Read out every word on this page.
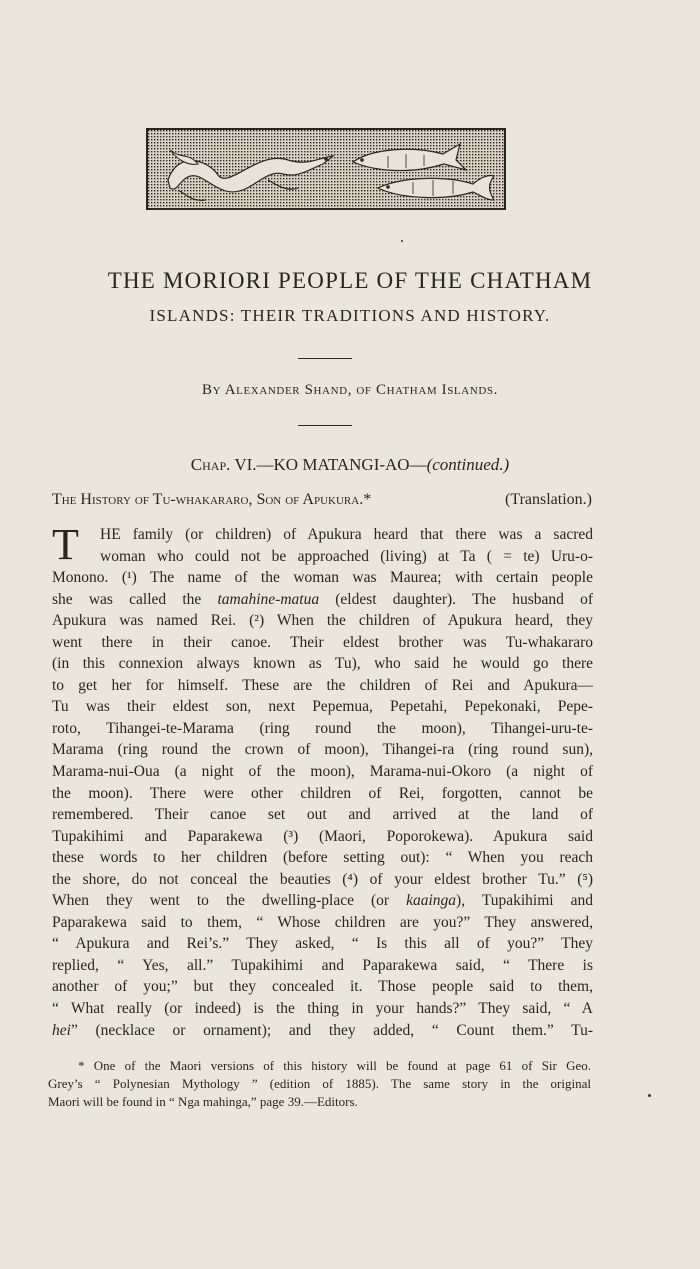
THE MORIORI PEOPLE OF THE CHATHAM
ISLANDS: THEIR TRADITIONS AND HISTORY.
By Alexander Shand, of Chatham Islands.
Chap. VI.—KO MATANGI-AO—(continued.)
The History of Tu-whakararo, Son of Apukura.*	(Translation.)
T	HE family (or children) of Apukura heard that there was a sacred
woman who could not be approached (living) at Ta ( = te) Uru-o-
Monono. (¹) The name of the woman was Maurea; with certain people
she was called the tamahine-matua (eldest daughter). The husband of
Apukura was named Rei. (²) When the children of Apukura heard, they
went there in their canoe. Their eldest brother was Tu-whakararo
(in this connexion always known as Tu), who said he would go there
to get her for himself. These are the children of Rei and Apukura—
Tu was their eldest son, next Pepemua, Pepetahi, Pepekonaki, Pepe-
roto, Tihangei-te-Marama (ring round the moon), Tihangei-uru-te-
Marama (ring round the crown of moon), Tihangei-ra (ring round sun),
Marama-nui-Oua (a night of the moon), Marama-nui-Okoro (a night of
the moon). There were other children of Rei, forgotten, cannot be
remembered. Their canoe set out and arrived at the land of
Tupakihimi and Paparakewa (³) (Maori, Poporokewa). Apukura said
these words to her children (before setting out): “ When you reach
the shore, do not conceal the beauties (⁴) of your eldest brother Tu.” (⁵)
When they went to the dwelling-place (or kaainga), Tupakihimi and
Paparakewa said to them, “ Whose children are you?” They answered,
“ Apukura and Rei’s.” They asked, “ Is this all of you?” They
replied, “ Yes, all.” Tupakihimi and Paparakewa said, “ There is
another of you;” but they concealed it. Those people said to them,
“ What really (or indeed) is the thing in your hands?” They said, “ A
hei” (necklace or ornament); and they added, “ Count them.” Tu-
* One of the Maori versions of this history will be found at page 61 of Sir Geo.
Grey’s “ Polynesian Mythology ” (edition of 1885). The same story in the original
Maori will be found in “ Nga mahinga,” page 39.—Editors.
